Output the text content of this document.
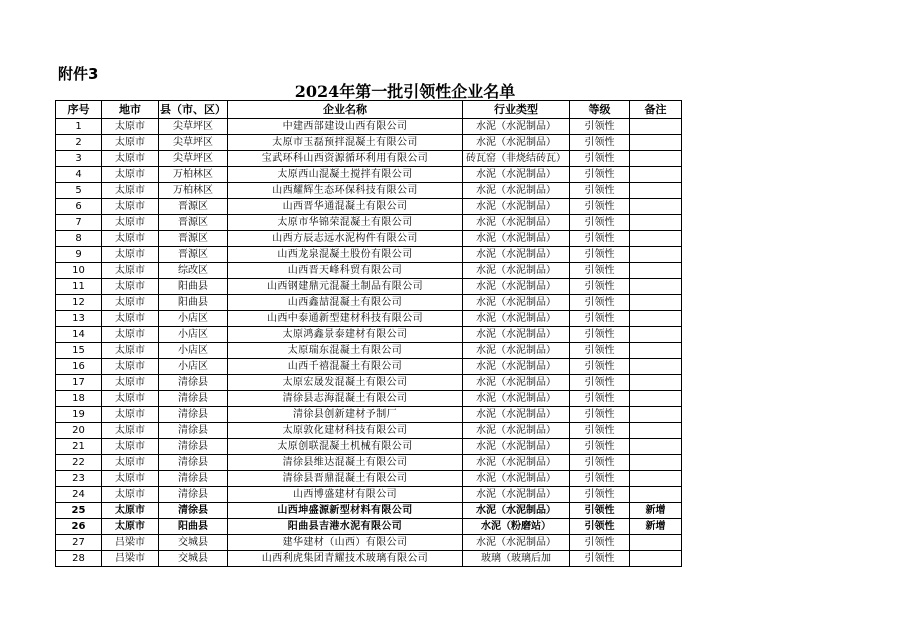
附件3
2024年第一批引领性企业名单
序号	地市	县（市、区）	企业名称	行业类型	等级	备注
1	太原市	尖草坪区	中建西部建设山西有限公司	水泥（水泥制品）	引领性	
2	太原市	尖草坪区	太原市玉磊预拌混凝土有限公司	水泥（水泥制品）	引领性	
3	太原市	尖草坪区	宝武环科山西资源循环利用有限公司	砖瓦窑（非烧结砖瓦）	引领性	
4	太原市	万柏林区	太原西山混凝土搅拌有限公司	水泥（水泥制品）	引领性	
5	太原市	万柏林区	山西耀辉生态环保科技有限公司	水泥（水泥制品）	引领性	
6	太原市	晋源区	山西晋华通混凝土有限公司	水泥（水泥制品）	引领性	
7	太原市	晋源区	太原市华锦荣混凝土有限公司	水泥（水泥制品）	引领性	
8	太原市	晋源区	山西方辰志远水泥构件有限公司	水泥（水泥制品）	引领性	
9	太原市	晋源区	山西龙泉混凝土股份有限公司	水泥（水泥制品）	引领性	
10	太原市	综改区	山西晋天峰科贸有限公司	水泥（水泥制品）	引领性	
11	太原市	阳曲县	山西钢建鼎元混凝土制品有限公司	水泥（水泥制品）	引领性	
12	太原市	阳曲县	山西鑫喆混凝土有限公司	水泥（水泥制品）	引领性	
13	太原市	小店区	山西中泰通新型建材科技有限公司	水泥（水泥制品）	引领性	
14	太原市	小店区	太原鸿鑫景泰建材有限公司	水泥（水泥制品）	引领性	
15	太原市	小店区	太原瑞东混凝土有限公司	水泥（水泥制品）	引领性	
16	太原市	小店区	山西千禧混凝土有限公司	水泥（水泥制品）	引领性	
17	太原市	清徐县	太原宏晟发混凝土有限公司	水泥（水泥制品）	引领性	
18	太原市	清徐县	清徐县志海混凝土有限公司	水泥（水泥制品）	引领性	
19	太原市	清徐县	清徐县创新建材予制厂	水泥（水泥制品）	引领性	
20	太原市	清徐县	太原敦化建材科技有限公司	水泥（水泥制品）	引领性	
21	太原市	清徐县	太原创联混凝土机械有限公司	水泥（水泥制品）	引领性	
22	太原市	清徐县	清徐县维达混凝土有限公司	水泥（水泥制品）	引领性	
23	太原市	清徐县	清徐县晋鼎混凝土有限公司	水泥（水泥制品）	引领性	
24	太原市	清徐县	山西博盛建材有限公司	水泥（水泥制品）	引领性	
25	太原市	清徐县	山西坤盛源新型材料有限公司	水泥（水泥制品）	引领性	新增
26	太原市	阳曲县	阳曲县吉港水泥有限公司	水泥（粉磨站）	引领性	新增
27	吕梁市	交城县	建华建材（山西）有限公司	水泥（水泥制品）	引领性	
28	吕梁市	交城县	山西利虎集团青耀技术玻璃有限公司	玻璃（玻璃后加	引领性	
